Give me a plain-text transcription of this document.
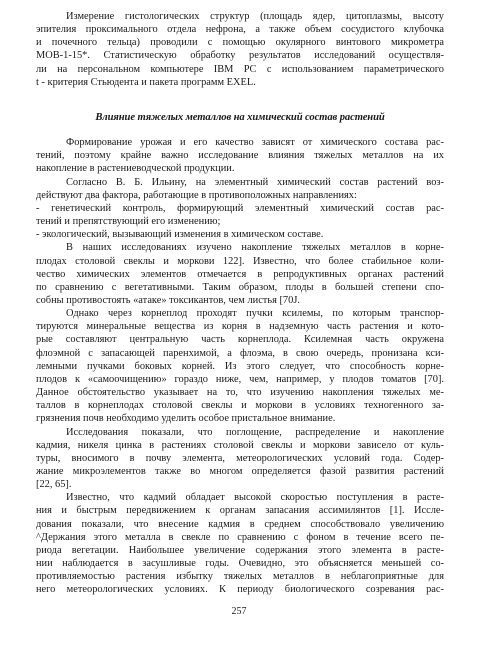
Измерение гистологических структур (площадь ядер, цитоплазмы, высоту
эпителия проксимального отдела нефрона, а также объем сосудистого клубочка
и почечного тельца) проводили с помощью окулярного винтового микрометра
МОВ-1-15*. Статистическую обработку результатов исследований осуществля-
ли на персональном компьютере IBM PC с использованием параметрического
t - критерия Стьюдента и пакета программ EXEL.

Влияние тяжелых металлов на химический состав растений

Формирование урожая и его качество зависят от химического состава рас-
тений, поэтому крайне важно исследование влияния тяжелых металлов на их
накопление в растениеводческой продукции.

Согласно В. Б. Ильину, на элементный химический состав растений воз-
действуют два фактора, работающие в противоположных направлениях:
- генетический контроль, формирующий элементный химический состав рас-
тений и препятствующий его изменению;
- экологический, вызывающий изменения в химическом составе.

В наших исследованиях изучено накопление тяжелых металлов в корне-
плодах столовой свеклы и моркови 122]. Известно, что более стабильное коли-
чество химических элементов отмечается в репродуктивных органах растений
по сравнению с вегетативными. Таким образом, плоды в большей степени спо-
собны противостоять «атаке» токсикантов, чем листья [70J.

Однако через корнеплод проходят пучки ксилемы, по которым транспор-
тируются минеральные вещества из корня в надземную часть растения и кото-
рые составляют центральную часть корнеплода. Ксилемная часть окружена
флоэмной с запасающей паренхимой, а флоэма, в свою очередь, пронизана кси-
лемными пучками боковых корней. Из этого следует, что способность корне-
плодов к «самоочищению» гораздо ниже, чем, например, у плодов томатов [70].
Данное обстоятельство указывает на то, что изучению накопления тяжелых ме-
таллов в корнеплодах столовой свеклы и моркови в условиях техногенного за-
грязнения почв необходимо уделить особое пристальное внимание.

Исследования показали, что поглощение, распределение и накопление
кадмия, никеля цинка в растениях столовой свеклы и моркови зависело от куль-
туры, вносимого в почву элемента, метеорологических условий года. Содер-
жание микроэлементов также во многом определяется фазой развития растений
[22, 65].

Известно, что кадмий обладает высокой скоростью поступления в расте-
ния и быстрым передвижением к органам запасания ассимилянтов [1]. Иссле-
дования показали, что внесение кадмия в среднем способствовало увеличению
^Держания этого металла в свекле по сравнению с фоном в течение всего пе-
риода вегетации. Наибольшее увеличение содержания этого элемента в расте-
нии наблюдается в засушливые годы. Очевидно, это объясняется меньшей со-
противляемостью растения избытку тяжелых металлов в неблагоприятные для
него метеорологических условиях. К периоду биологического созревания рас-

257
